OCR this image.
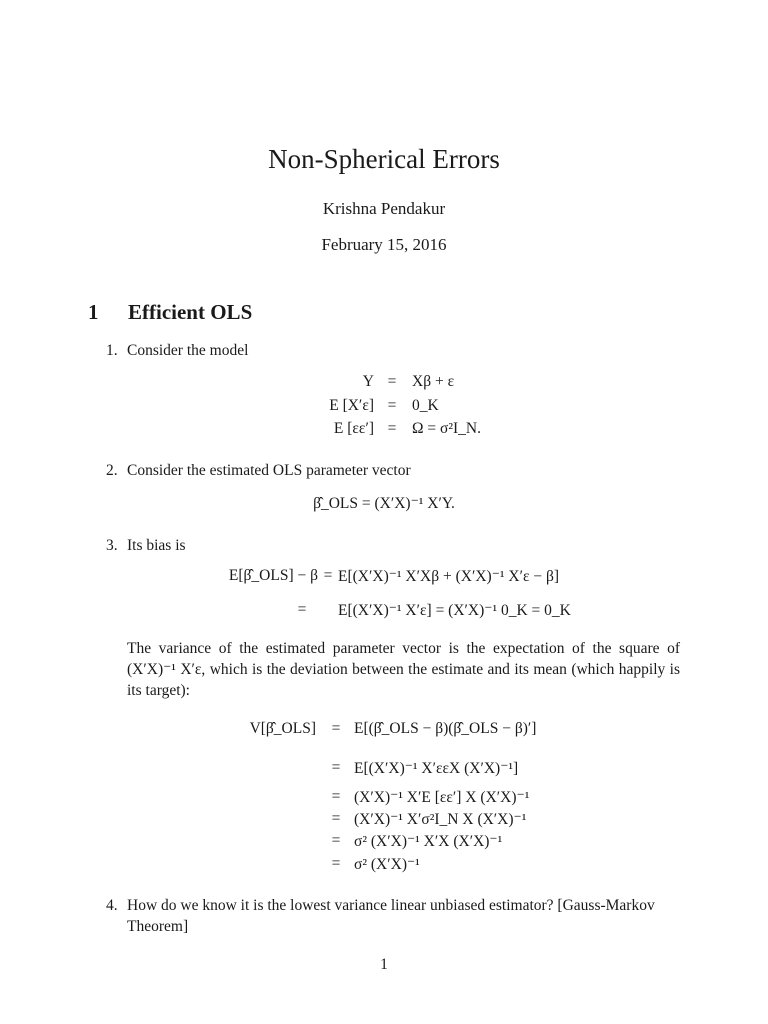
Non-Spherical Errors
Krishna Pendakur
February 15, 2016
1 Efficient OLS
1. Consider the model
Y =	Xβ + ε
E [X′ε] =	0_K
E [εε′] =	Ω = σ²I_N.
2. Consider the estimated OLS parameter vector
β̂_OLS = (X′X)⁻¹ X′Y.
3. Its bias is
E[β̂_OLS] − β = E[(X′X)⁻¹ X′Xβ + (X′X)⁻¹ X′ε − β]
=	E[(X′X)⁻¹ X′ε] = (X′X)⁻¹ 0_K = 0_K
The variance of the estimated parameter vector is the expectation of the square of (X′X)⁻¹ X′ε, which is the deviation between the estimate and its mean (which happily is its target):
V[β̂_OLS]	= E[(β̂_OLS − β)(β̂_OLS − β)′]
= E[(X′X)⁻¹ X′εεX (X′X)⁻¹]
= (X′X)⁻¹ X′E [εε′] X (X′X)⁻¹
= (X′X)⁻¹ X′σ²I_N X (X′X)⁻¹
= σ² (X′X)⁻¹ X′X (X′X)⁻¹
= σ² (X′X)⁻¹
4. How do we know it is the lowest variance linear unbiased estimator? [Gauss-Markov Theorem]
1
